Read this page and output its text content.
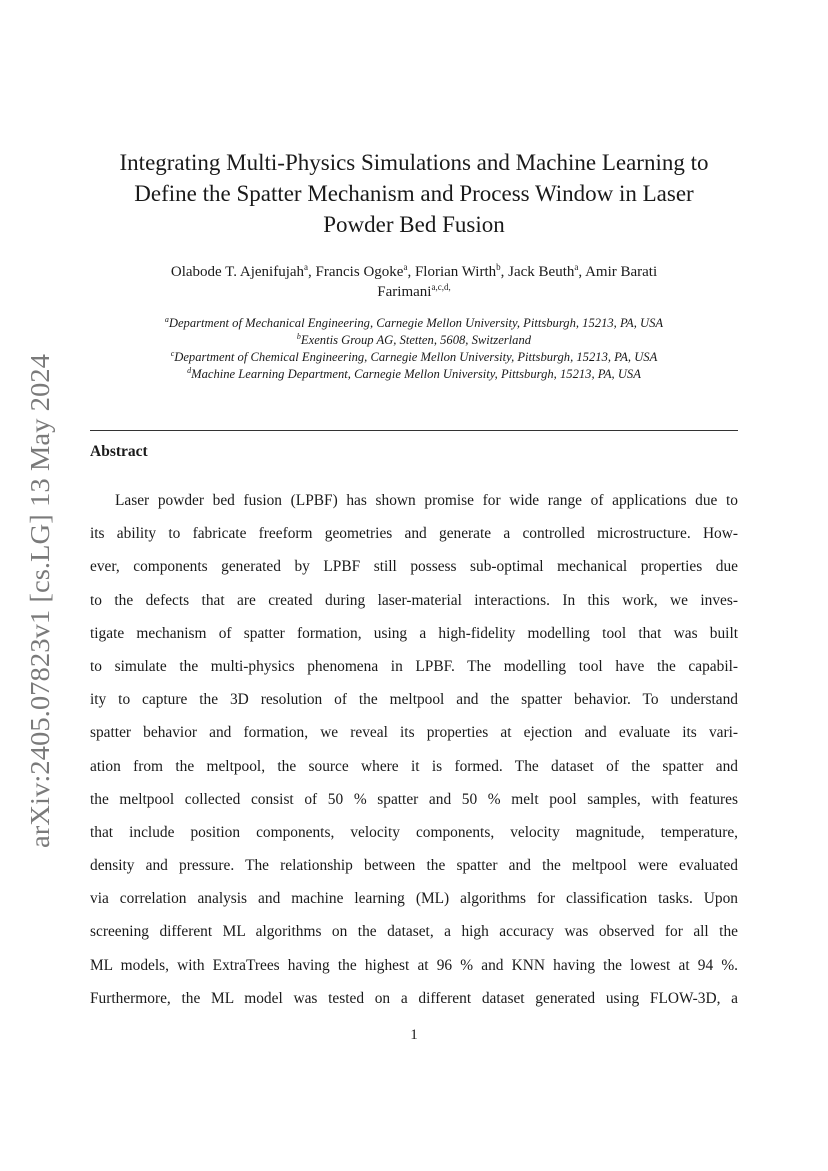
arXiv:2405.07823v1 [cs.LG] 13 May 2024
Integrating Multi-Physics Simulations and Machine Learning to
Define the Spatter Mechanism and Process Window in Laser
Powder Bed Fusion
Olabode T. Ajenifujah$^a$, Francis Ogoke$^a$, Florian Wirth$^b$, Jack Beuth$^a$, Amir Barati
Farimani$^{a,c,d,}$
$^a$Department of Mechanical Engineering, Carnegie Mellon University, Pittsburgh, 15213, PA, USA
$^b$Exentis Group AG, Stetten, 5608, Switzerland
$^c$Department of Chemical Engineering, Carnegie Mellon University, Pittsburgh, 15213, PA, USA
$^d$Machine Learning Department, Carnegie Mellon University, Pittsburgh, 15213, PA, USA
Abstract
Laser powder bed fusion (LPBF) has shown promise for wide range of applications due to
its ability to fabricate freeform geometries and generate a controlled microstructure. How-
ever, components generated by LPBF still possess sub-optimal mechanical properties due
to the defects that are created during laser-material interactions. In this work, we inves-
tigate mechanism of spatter formation, using a high-fidelity modelling tool that was built
to simulate the multi-physics phenomena in LPBF. The modelling tool have the capabil-
ity to capture the 3D resolution of the meltpool and the spatter behavior. To understand
spatter behavior and formation, we reveal its properties at ejection and evaluate its vari-
ation from the meltpool, the source where it is formed. The dataset of the spatter and
the meltpool collected consist of 50 % spatter and 50 % melt pool samples, with features
that include position components, velocity components, velocity magnitude, temperature,
density and pressure. The relationship between the spatter and the meltpool were evaluated
via correlation analysis and machine learning (ML) algorithms for classification tasks. Upon
screening different ML algorithms on the dataset, a high accuracy was observed for all the
ML models, with ExtraTrees having the highest at 96 % and KNN having the lowest at 94 %.
Furthermore, the ML model was tested on a different dataset generated using FLOW-3D, a
1
